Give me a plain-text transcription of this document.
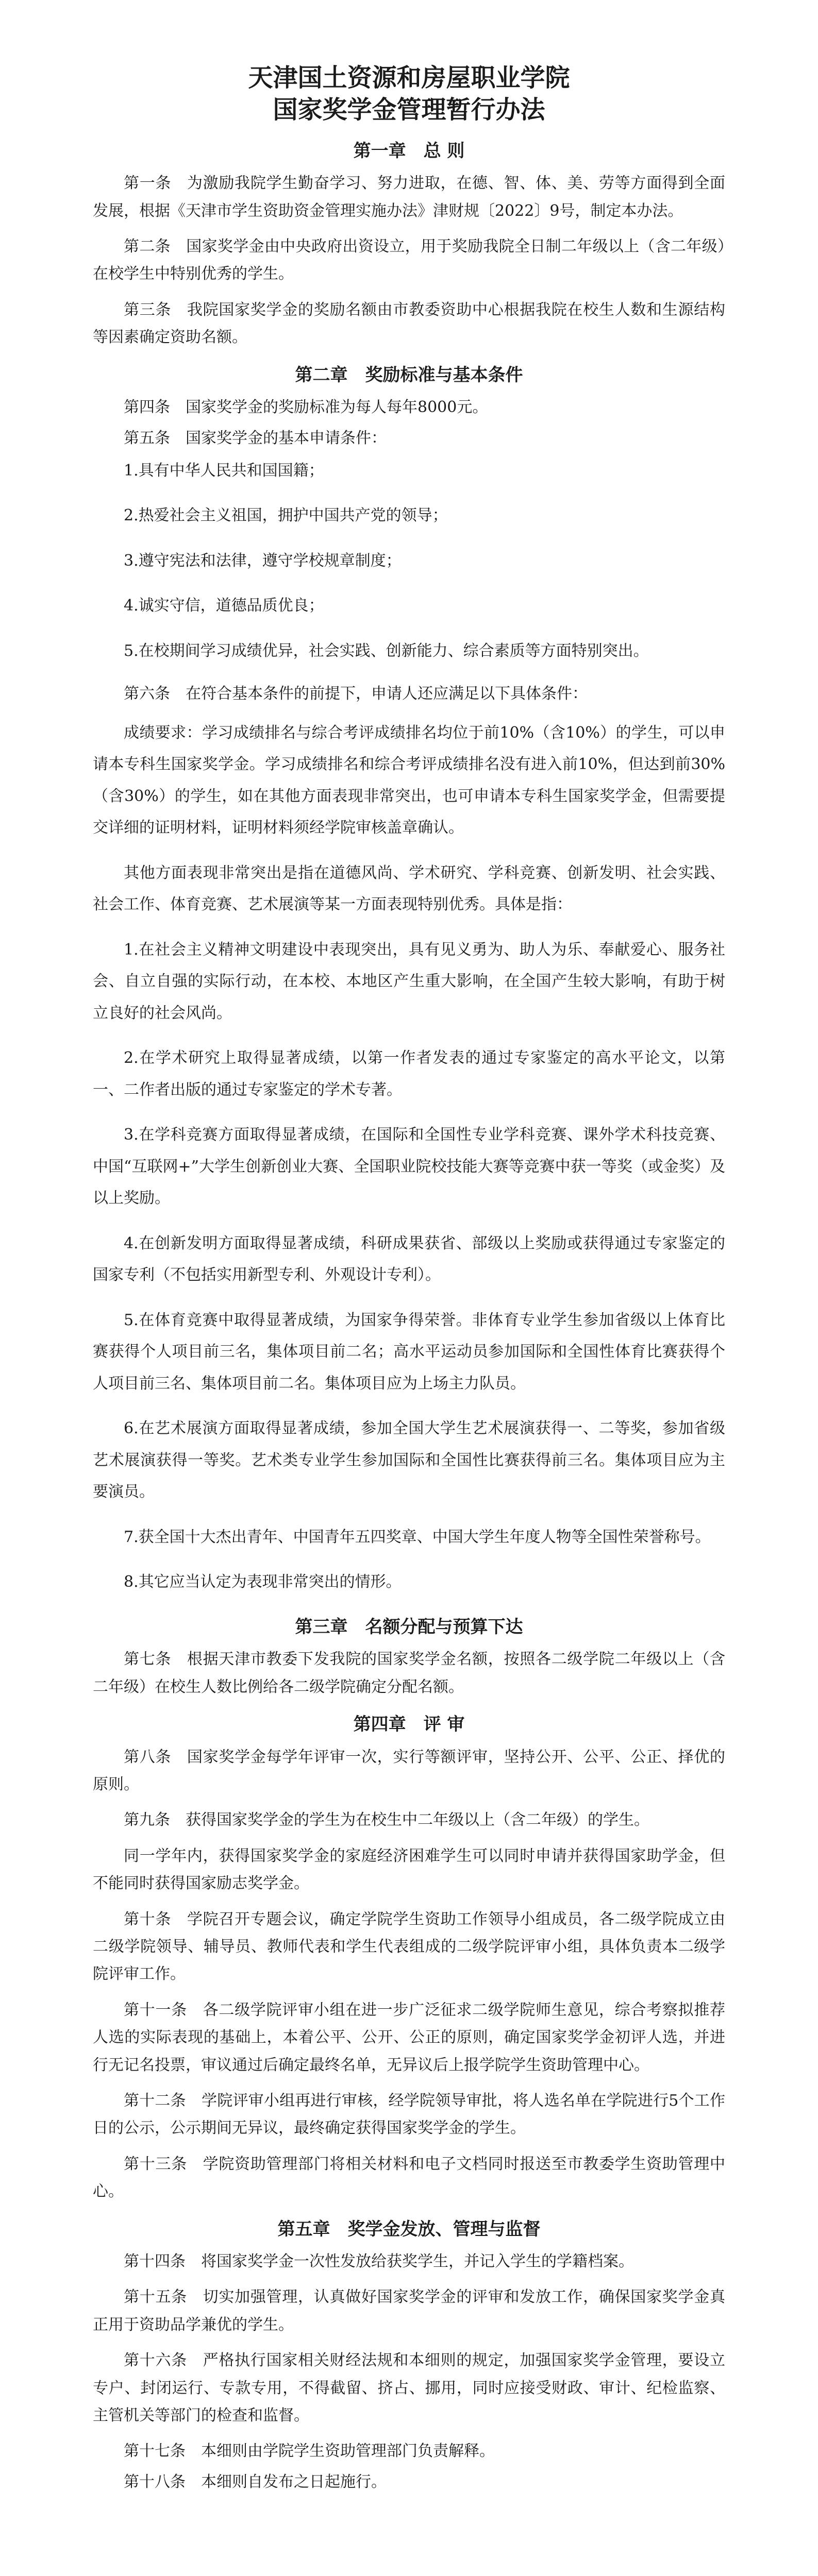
天津国土资源和房屋职业学院
国家奖学金管理暂行办法
第一章　总 则

第一条　为激励我院学生勤奋学习、努力进取，在德、智、体、美、劳等方面得到全面发展，根据《天津市学生资助资金管理实施办法》津财规〔2022〕9号，制定本办法。

第二条　国家奖学金由中央政府出资设立，用于奖励我院全日制二年级以上（含二年级）在校学生中特别优秀的学生。

第三条　我院国家奖学金的奖励名额由市教委资助中心根据我院在校生人数和生源结构等因素确定资助名额。

第二章　奖励标准与基本条件

第四条　国家奖学金的奖励标准为每人每年8000元。

第五条　国家奖学金的基本申请条件：

1.具有中华人民共和国国籍；

2.热爱社会主义祖国，拥护中国共产党的领导；

3.遵守宪法和法律，遵守学校规章制度；

4.诚实守信，道德品质优良；

5.在校期间学习成绩优异，社会实践、创新能力、综合素质等方面特别突出。

第六条　在符合基本条件的前提下，申请人还应满足以下具体条件：

成绩要求：学习成绩排名与综合考评成绩排名均位于前10%（含10%）的学生，可以申请本专科生国家奖学金。学习成绩排名和综合考评成绩排名没有进入前10%，但达到前30%（含30%）的学生，如在其他方面表现非常突出，也可申请本专科生国家奖学金，但需要提交详细的证明材料，证明材料须经学院审核盖章确认。

其他方面表现非常突出是指在道德风尚、学术研究、学科竞赛、创新发明、社会实践、社会工作、体育竞赛、艺术展演等某一方面表现特别优秀。具体是指：

1.在社会主义精神文明建设中表现突出，具有见义勇为、助人为乐、奉献爱心、服务社会、自立自强的实际行动，在本校、本地区产生重大影响，在全国产生较大影响，有助于树立良好的社会风尚。

2.在学术研究上取得显著成绩，以第一作者发表的通过专家鉴定的高水平论文，以第一、二作者出版的通过专家鉴定的学术专著。

3.在学科竞赛方面取得显著成绩，在国际和全国性专业学科竞赛、课外学术科技竞赛、中国“互联网+”大学生创新创业大赛、全国职业院校技能大赛等竞赛中获一等奖（或金奖）及以上奖励。

4.在创新发明方面取得显著成绩，科研成果获省、部级以上奖励或获得通过专家鉴定的国家专利（不包括实用新型专利、外观设计专利）。

5.在体育竞赛中取得显著成绩，为国家争得荣誉。非体育专业学生参加省级以上体育比赛获得个人项目前三名，集体项目前二名；高水平运动员参加国际和全国性体育比赛获得个人项目前三名、集体项目前二名。集体项目应为上场主力队员。

6.在艺术展演方面取得显著成绩，参加全国大学生艺术展演获得一、二等奖，参加省级艺术展演获得一等奖。艺术类专业学生参加国际和全国性比赛获得前三名。集体项目应为主要演员。

7.获全国十大杰出青年、中国青年五四奖章、中国大学生年度人物等全国性荣誉称号。

8.其它应当认定为表现非常突出的情形。

第三章　名额分配与预算下达

第七条　根据天津市教委下发我院的国家奖学金名额，按照各二级学院二年级以上（含二年级）在校生人数比例给各二级学院确定分配名额。

第四章　评 审

第八条　国家奖学金每学年评审一次，实行等额评审，坚持公开、公平、公正、择优的原则。

第九条　获得国家奖学金的学生为在校生中二年级以上（含二年级）的学生。

同一学年内，获得国家奖学金的家庭经济困难学生可以同时申请并获得国家助学金，但不能同时获得国家励志奖学金。

第十条　学院召开专题会议，确定学院学生资助工作领导小组成员，各二级学院成立由二级学院领导、辅导员、教师代表和学生代表组成的二级学院评审小组，具体负责本二级学院评审工作。

第十一条　各二级学院评审小组在进一步广泛征求二级学院师生意见，综合考察拟推荐人选的实际表现的基础上，本着公平、公开、公正的原则，确定国家奖学金初评人选，并进行无记名投票，审议通过后确定最终名单，无异议后上报学院学生资助管理中心。

第十二条　学院评审小组再进行审核，经学院领导审批，将人选名单在学院进行5个工作日的公示，公示期间无异议，最终确定获得国家奖学金的学生。

第十三条　学院资助管理部门将相关材料和电子文档同时报送至市教委学生资助管理中心。

第五章　奖学金发放、管理与监督

第十四条　将国家奖学金一次性发放给获奖学生，并记入学生的学籍档案。

第十五条　切实加强管理，认真做好国家奖学金的评审和发放工作，确保国家奖学金真正用于资助品学兼优的学生。

第十六条　严格执行国家相关财经法规和本细则的规定，加强国家奖学金管理，要设立专户、封闭运行、专款专用，不得截留、挤占、挪用，同时应接受财政、审计、纪检监察、主管机关等部门的检查和监督。

第十七条　本细则由学院学生资助管理部门负责解释。

第十八条　本细则自发布之日起施行。
